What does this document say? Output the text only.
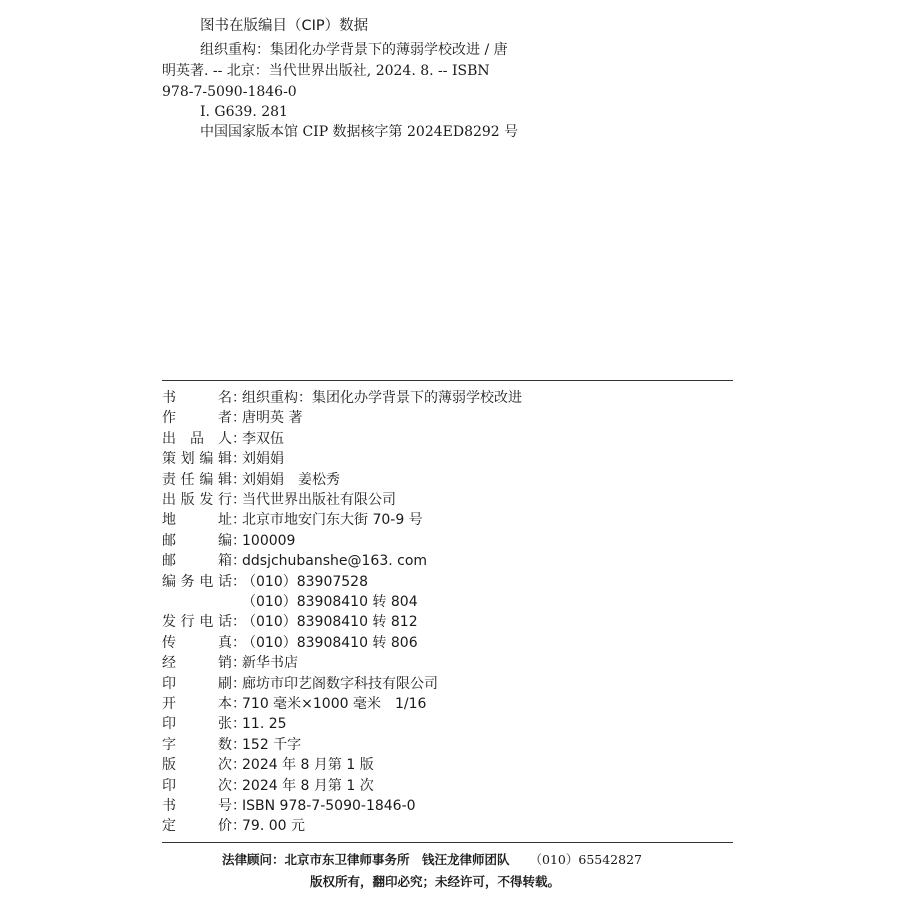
图书在版编目（CIP）数据
组织重构：集团化办学背景下的薄弱学校改进 / 唐
明英著. -- 北京：当代世界出版社, 2024. 8. -- ISBN
978-7-5090-1846-0
Ⅰ. G639. 281
中国国家版本馆 CIP 数据核字第 2024ED8292 号
书	名 ：
组织重构：集团化办学背景下的薄弱学校改进
作	者 ：
唐明英 著
出 品 人 ：
李双伍
策 划 编 辑 ：
刘娟娟
责 任 编 辑 ：
刘娟娟　姜松秀
出 版 发 行 ：
当代世界出版社有限公司
地	址 ：
北京市地安门东大街 70-9 号
邮	编 ：
100009
邮	箱 ：
ddsjchubanshe@163. com
编 务 电 话 ：
（010）83907528
（010）83908410 转 804
发 行 电 话 ：
（010）83908410 转 812
传	真 ：
（010）83908410 转 806
经	销 ：
新华书店
印	刷 ：
廊坊市印艺阁数字科技有限公司
开	本 ：
710 毫米×1000 毫米　1/16
印	张 ：
11. 25
字	数 ：
152 千字
版	次 ：
2024 年 8 月第 1 版
印	次 ：
2024 年 8 月第 1 次
书	号 ：
ISBN 978-7-5090-1846-0
定	价 ：
79. 00 元
法律顾问：北京市东卫律师事务所　钱汪龙律师团队 （010）65542827
版权所有，翻印必究；未经许可，不得转载。
